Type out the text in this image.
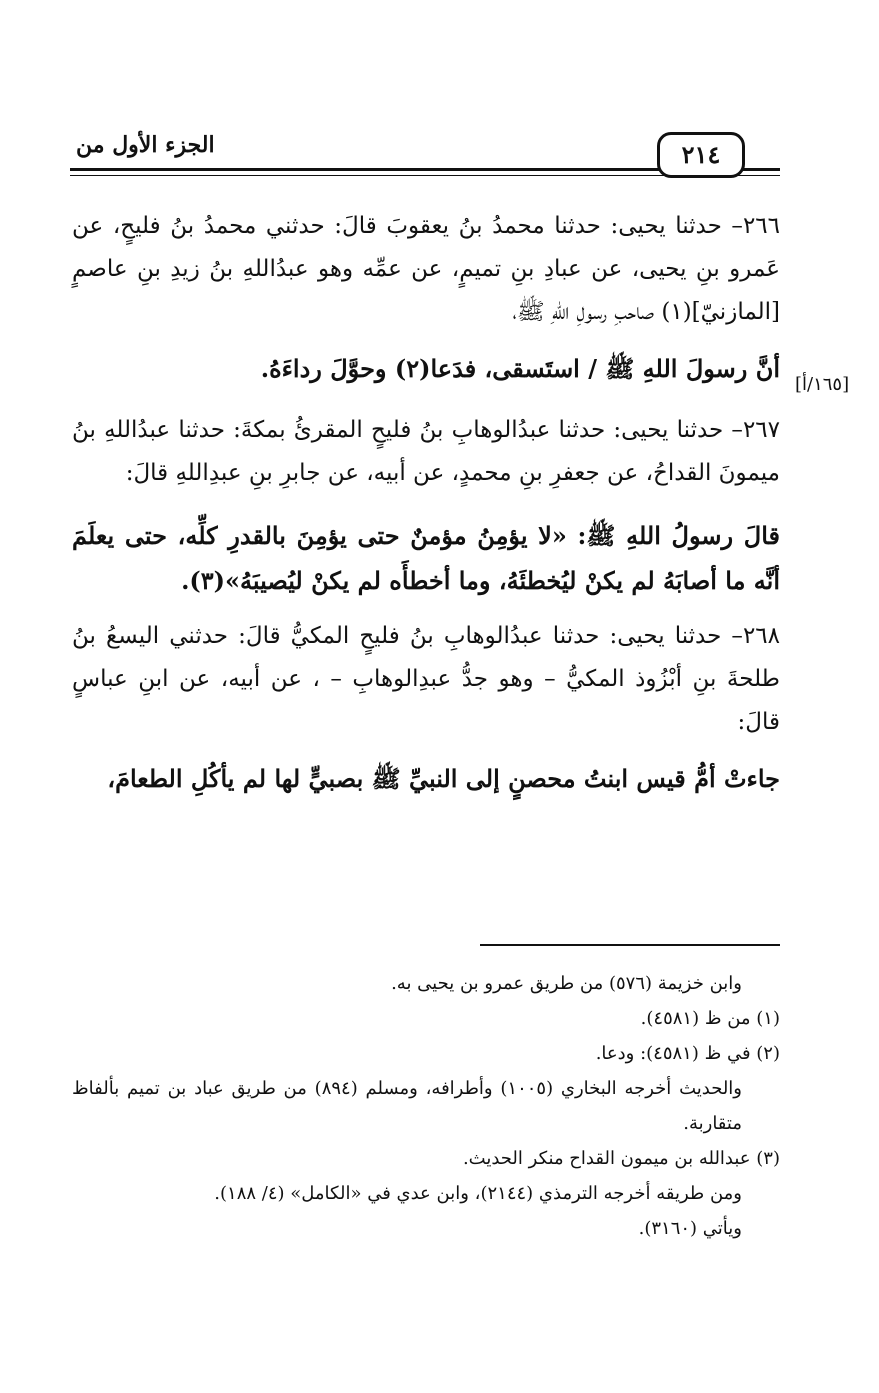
٢١٤
الجزء الأول من
[١٦٥/أ]

٢٦٦– حدثنا يحيى: حدثنا محمدُ بنُ يعقوبَ قالَ: حدثني محمدُ بنُ فليحٍ، عن عَمرو بنِ يحيى، عن عبادِ بنِ تميمٍ، عن عمِّه وهو عبدُاللهِ بنُ زيدِ بنِ عاصمٍ [المازنيّ](١) صاحبِ رسولِ اللهِ ﷺ،

أنَّ رسولَ اللهِ ﷺ / استَسقى، فدَعا(٢) وحوَّلَ رداءَهُ.

٢٦٧– حدثنا يحيى: حدثنا عبدُالوهابِ بنُ فليحٍ المقرئُ بمكةَ: حدثنا عبدُاللهِ بنُ ميمونَ القداحُ، عن جعفرِ بنِ محمدٍ، عن أبيه، عن جابرِ بنِ عبدِاللهِ قالَ:

قالَ رسولُ اللهِ ﷺ: «لا يؤمِنُ مؤمنٌ حتى يؤمِنَ بالقدرِ كلِّه، حتى يعلَمَ أنَّه ما أصابَهُ لم يكنْ ليُخطئَهُ، وما أخطأَه لم يكنْ ليُصيبَهُ»(٣).

٢٦٨– حدثنا يحيى: حدثنا عبدُالوهابِ بنُ فليحٍ المكيُّ قالَ: حدثني اليسعُ بنُ طلحةَ بنِ أبْزُوذ المكيُّ – وهو جدُّ عبدِالوهابِ – ، عن أبيه، عن ابنِ عباسٍ قالَ:

جاءتْ أمُّ قيس ابنتُ محصنٍ إلى النبيِّ ﷺ بصبيٍّ لها لم يأكُلِ الطعامَ،

وابن خزيمة (٥٧٦) من طريق عمرو بن يحيى به.

(١) من ظ (٤٥٨١).

(٢) في ظ (٤٥٨١): ودعا.

والحديث أخرجه البخاري (١٠٠٥) وأطرافه، ومسلم (٨٩٤) من طريق عباد بن تميم بألفاظ متقاربة.

(٣) عبدالله بن ميمون القداح منكر الحديث.

ومن طريقه أخرجه الترمذي (٢١٤٤)، وابن عدي في «الكامل» (٤/ ١٨٨).

ويأتي (٣١٦٠).
